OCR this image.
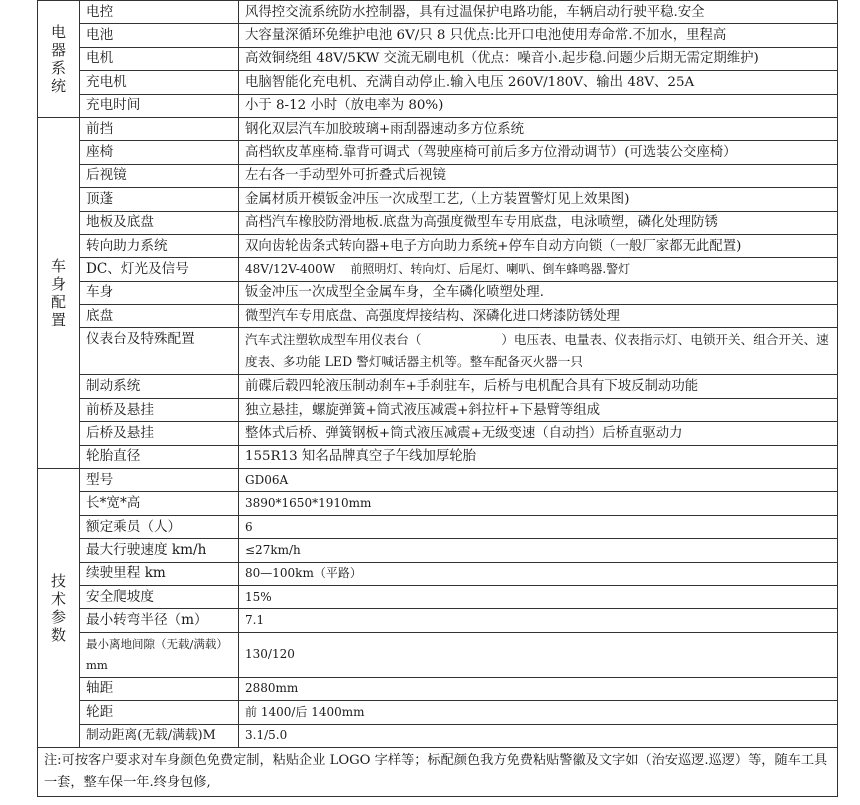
电器系统	电控	风得控交流系统防水控制器，具有过温保护电路功能，车辆启动行驶平稳.安全
	电池	大容量深循环免维护电池 6V/只 8 只优点:比开口电池使用寿命常.不加水，里程高
	电机	高效铜绕组 48V/5KW 交流无刷电机（优点：噪音小.起步稳.问题少后期无需定期维护)
	充电机	电脑智能化充电机、充满自动停止.输入电压 260V/180V、输出 48V、25A
	充电时间	小于 8-12 小时（放电率为 80%)
车身配置	前挡	钢化双层汽车加胶玻璃+雨刮器速动多方位系统
	座椅	高档软皮革座椅.靠背可调式（驾驶座椅可前后多方位滑动调节）(可选装公交座椅）
	后视镜	左右各一手动型外可折叠式后视镜
	顶蓬	金属材质开模钣金冲压一次成型工艺,（上方装置警灯见上效果图)
	地板及底盘	高档汽车橡胶防滑地板.底盘为高强度微型车专用底盘，电泳喷塑，磷化处理防锈
	转向助力系统	双向齿轮齿条式转向器+电子方向助力系统+停车自动方向锁（一般厂家都无此配置)
	DC、灯光及信号	48V/12V-400W    前照明灯、转向灯、后尾灯、喇叭、倒车蜂鸣器.警灯
	车身	钣金冲压一次成型全金属车身，全车磷化喷塑处理.
	底盘	微型汽车专用底盘、高强度焊接结构、深磷化进口烤漆防锈处理
	仪表台及特殊配置	汽车式注塑软成型车用仪表台（ ）电压表、电量表、仪表指示灯、电锁开关、组合开关、速度表、多功能 LED 警灯喊话器主机等。整车配备灭火器一只
	制动系统	前碟后毂四轮液压制动刹车+手刹驻车，后桥与电机配合具有下坡反制动功能
	前桥及悬挂	独立悬挂，螺旋弹簧+筒式液压减震+斜拉杆+下悬臂等组成
	后桥及悬挂	整体式后桥、弹簧钢板+筒式液压减震+无级变速（自动挡）后桥直驱动力
	轮胎直径	155R13 知名品牌真空子午线加厚轮胎
技术参数	型号	GD06A
	长*宽*高	3890*1650*1910mm
	额定乘员（人）	6
	最大行驶速度 km/h	≤27km/h
	续驶里程 km	80—100km（平路）
	安全爬坡度	15%
	最小转弯半径（m）	7.1
	最小离地间隙（无载/满载）mm	130/120
	轴距	2880mm
	轮距	前 1400/后 1400mm
	制动距离(无载/满载)M	3.1/5.0
注:可按客户要求对车身颜色免费定制，粘贴企业 LOGO 字样等；标配颜色我方免费粘贴警徽及文字如（治安巡逻.巡逻）等，随车工具一套，整车保一年.终身包修,		
